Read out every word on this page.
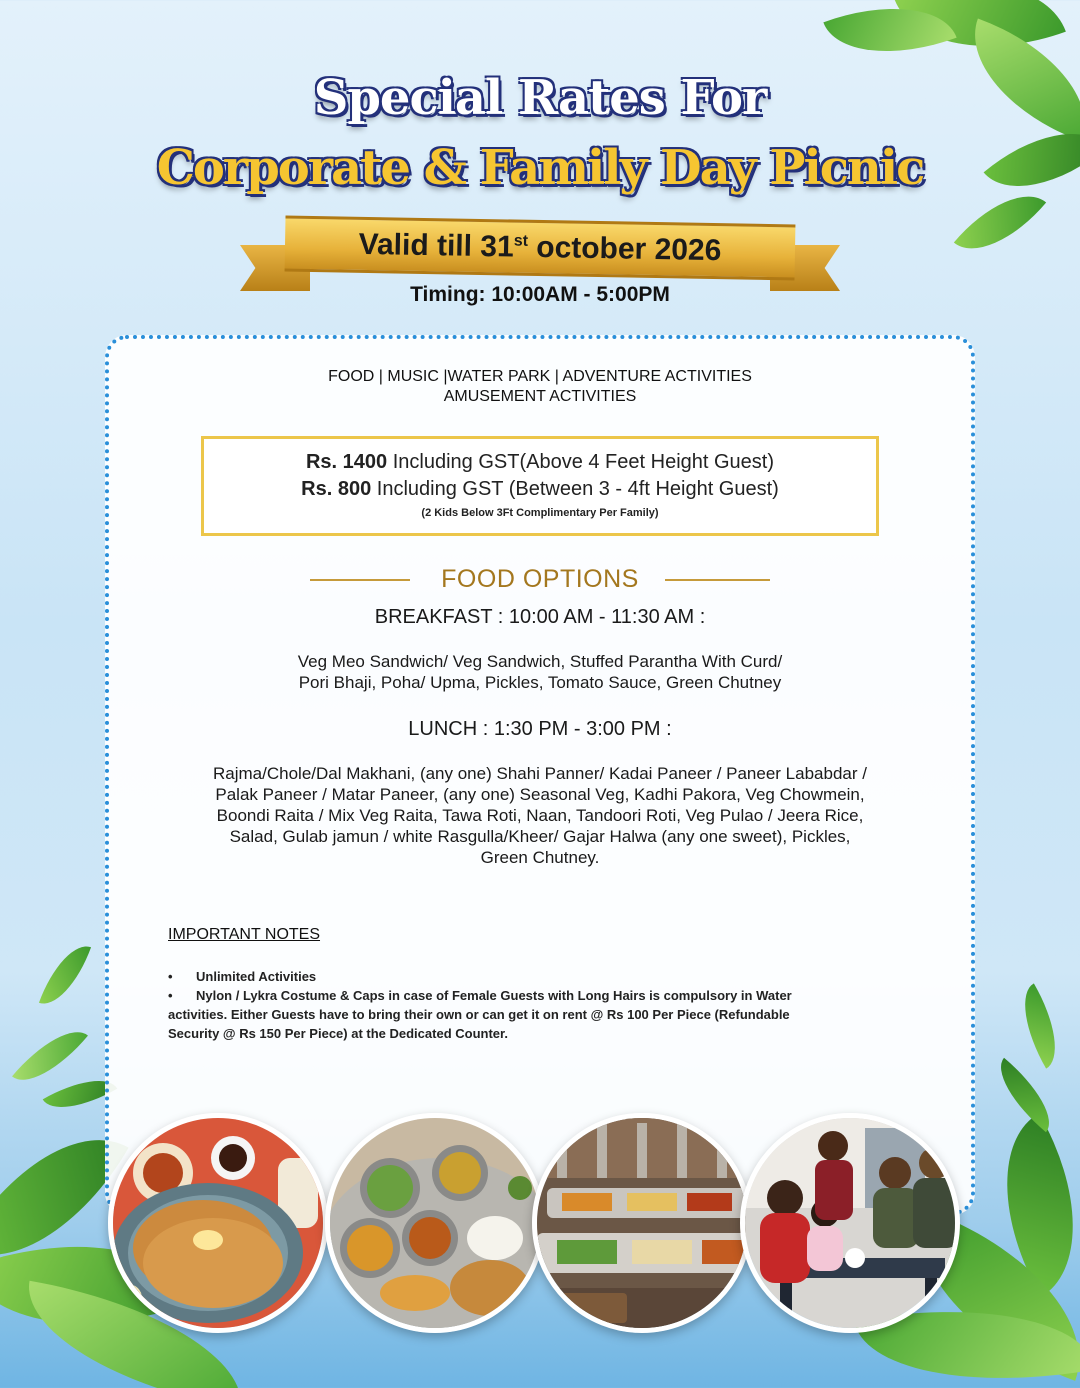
Special Rates For
Corporate & Family Day Picnic
Valid till 31st october 2026
Timing: 10:00AM - 5:00PM
FOOD | MUSIC |WATER PARK | ADVENTURE ACTIVITIES
AMUSEMENT ACTIVITIES
Rs. 1400 Including GST(Above 4 Feet Height Guest)
Rs. 800 Including GST (Between 3 - 4ft Height Guest)
(2 Kids Below 3Ft Complimentary Per Family)
FOOD OPTIONS
BREAKFAST : 10:00 AM - 11:30 AM :
Veg Meo Sandwich/ Veg Sandwich, Stuffed Parantha With Curd/
Pori Bhaji, Poha/ Upma, Pickles, Tomato Sauce, Green Chutney
LUNCH : 1:30 PM - 3:00 PM :
Rajma/Chole/Dal Makhani, (any one) Shahi Panner/ Kadai Paneer / Paneer Lababdar /
Palak Paneer / Matar Paneer, (any one) Seasonal Veg, Kadhi Pakora, Veg Chowmein,
Boondi Raita / Mix Veg Raita, Tawa Roti, Naan, Tandoori Roti, Veg Pulao / Jeera Rice,
Salad, Gulab jamun / white Rasgulla/Kheer/ Gajar Halwa (any one sweet), Pickles,
Green Chutney.
IMPORTANT NOTES
• Unlimited Activities
• Nylon / Lykra Costume & Caps in case of Female Guests with Long Hairs is compulsory in Water
activities. Either Guests have to bring their own or can get it on rent @ Rs 100 Per Piece (Refundable
Security @ Rs 150 Per Piece) at the Dedicated Counter.
